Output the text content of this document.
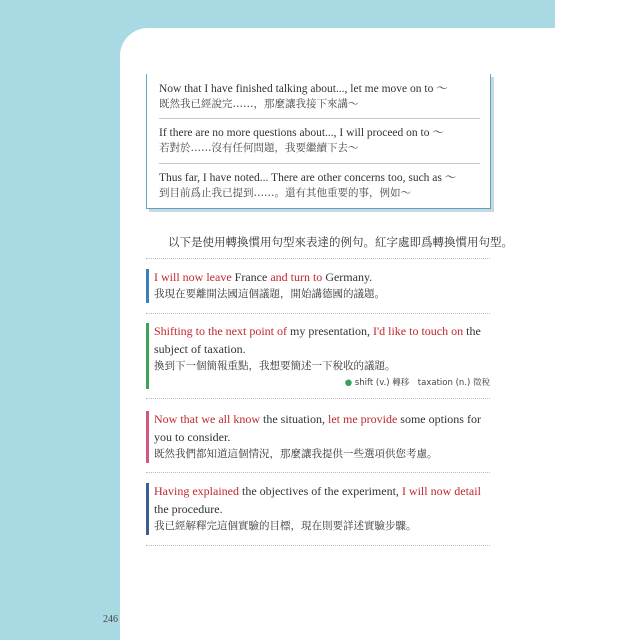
Now that I have finished talking about..., let me move on to ～
既然我已經說完……，那麼讓我接下來講～
If there are no more questions about..., I will proceed on to ～
若對於……沒有任何問題，我要繼續下去～
Thus far, I have noted... There are other concerns too, such as ～
到目前爲止我已提到……。還有其他重要的事，例如～
以下是使用轉換慣用句型來表達的例句。紅字處即爲轉換慣用句型。
I will now leave France and turn to Germany.
我現在要離開法國這個議題，開始講德國的議題。
Shifting to the next point of my presentation, I'd like to touch on the subject of taxation.
換到下一個簡報重點，我想要簡述一下稅收的議題。
● shift (v.) 轉移　taxation (n.) 徵稅
Now that we all know the situation, let me provide some options for you to consider.
既然我們都知道這個情況，那麼讓我提供一些選項供您考慮。
Having explained the objectives of the experiment, I will now detail the procedure.
我已經解釋完這個實驗的目標，現在則要詳述實驗步驟。
246
